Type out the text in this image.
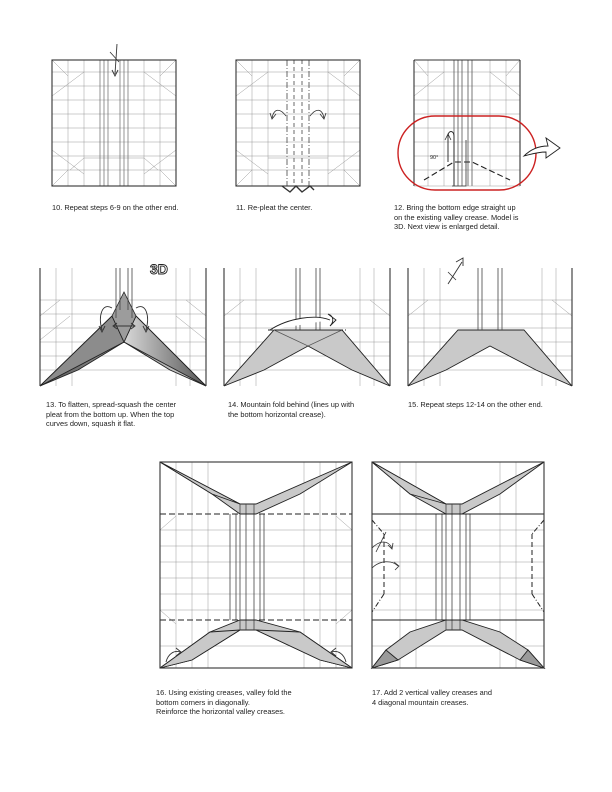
90°
3D
10. Repeat steps 6-9 on the other end.	11. Re-pleat the center.	12. Bring the bottom edge straight up
on the existing valley crease. Model is
3D. Next view is enlarged detail.
13. To flatten, spread-squash the center
pleat from the bottom up. When the top
curves down, squash it flat.
14. Mountain fold behind (lines up with
the bottom horizontal crease).
15. Repeat steps 12-14 on the other end.
16. Using existing creases, valley fold the
bottom corners in diagonally.
Reinforce the horizontal valley creases.
17. Add 2 vertical valley creases and
4 diagonal mountain creases.
